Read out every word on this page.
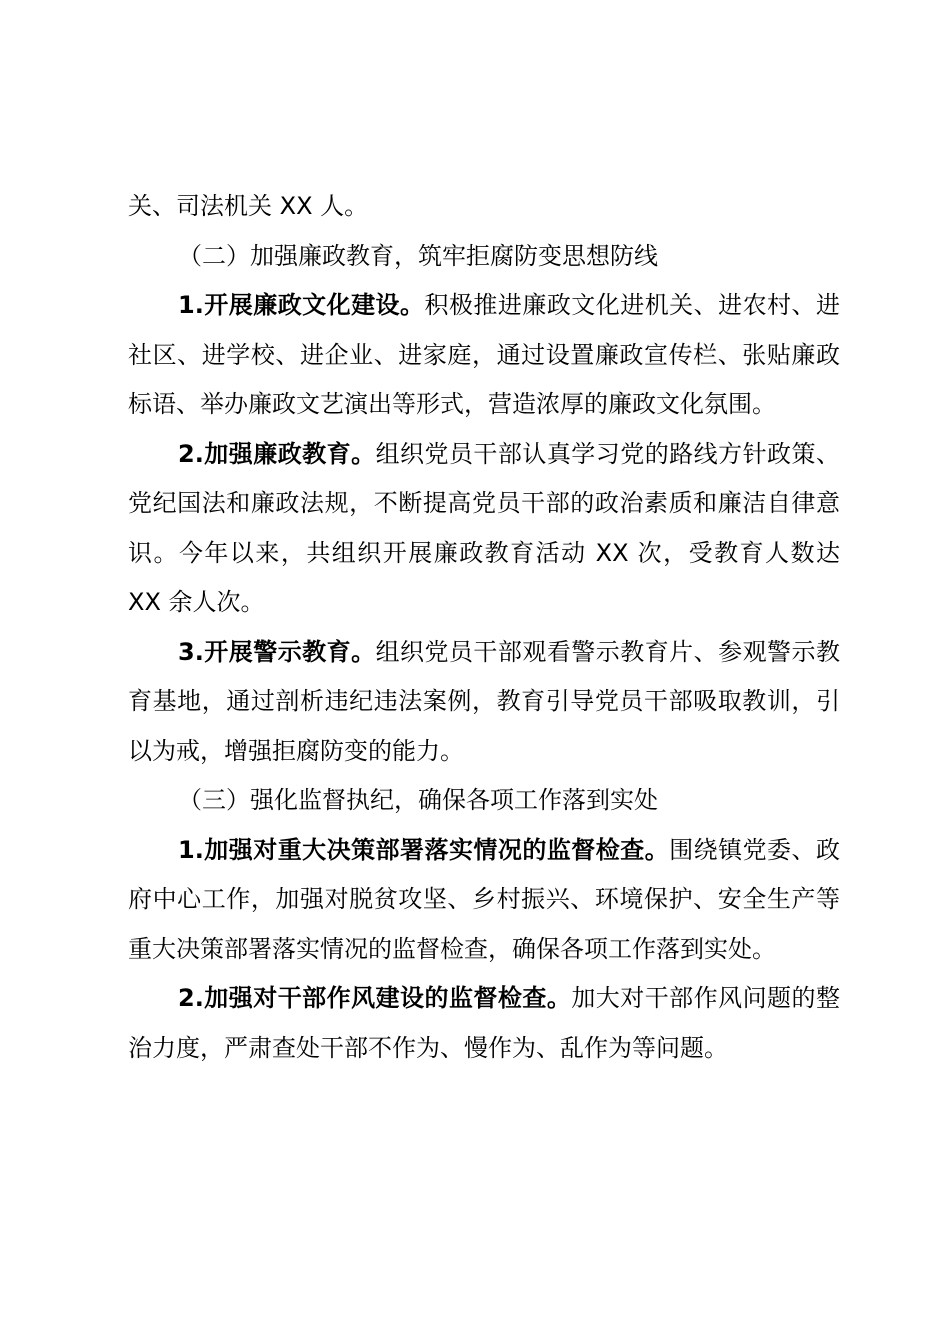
关、司法机关 XX 人。

（二）加强廉政教育，筑牢拒腐防变思想防线

1.开展廉政文化建设。积极推进廉政文化进机关、进农村、进社区、进学校、进企业、进家庭，通过设置廉政宣传栏、张贴廉政标语、举办廉政文艺演出等形式，营造浓厚的廉政文化氛围。

2.加强廉政教育。组织党员干部认真学习党的路线方针政策、党纪国法和廉政法规，不断提高党员干部的政治素质和廉洁自律意识。今年以来，共组织开展廉政教育活动 XX 次，受教育人数达 XX 余人次。

3.开展警示教育。组织党员干部观看警示教育片、参观警示教育基地，通过剖析违纪违法案例，教育引导党员干部吸取教训，引以为戒，增强拒腐防变的能力。

（三）强化监督执纪，确保各项工作落到实处

1.加强对重大决策部署落实情况的监督检查。围绕镇党委、政府中心工作，加强对脱贫攻坚、乡村振兴、环境保护、安全生产等重大决策部署落实情况的监督检查，确保各项工作落到实处。

2.加强对干部作风建设的监督检查。加大对干部作风问题的整治力度，严肃查处干部不作为、慢作为、乱作为等问题。
